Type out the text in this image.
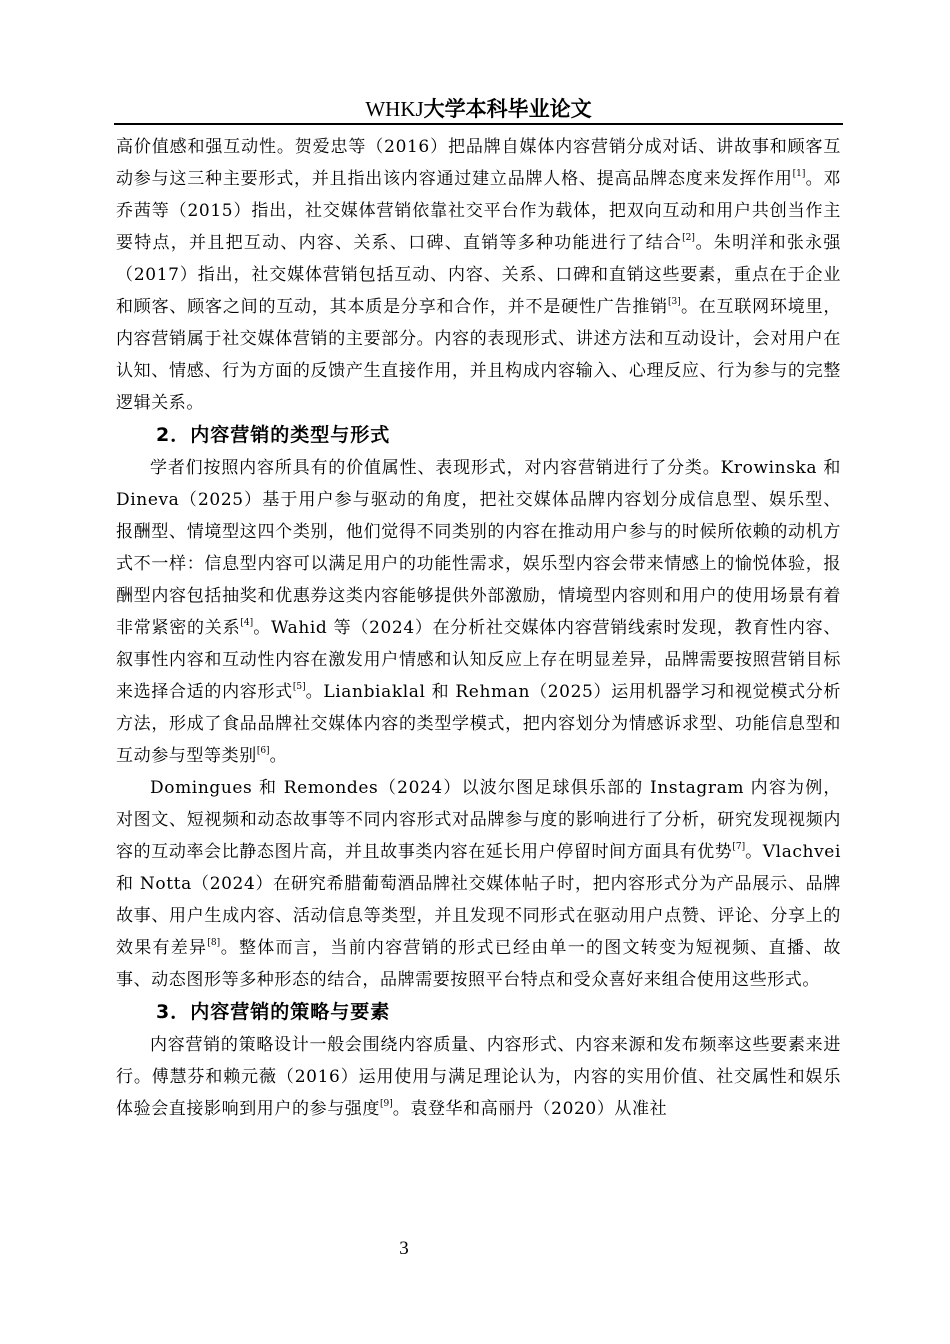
WHKJ大学本科毕业论文

高价值感和强互动性。贺爱忠等（2016）把品牌自媒体内容营销分成对话、讲故事和顾客互动参与这三种主要形式，并且指出该内容通过建立品牌人格、提高品牌态度来发挥作用[1]。邓乔茜等（2015）指出，社交媒体营销依靠社交平台作为载体，把双向互动和用户共创当作主要特点，并且把互动、内容、关系、口碑、直销等多种功能进行了结合[2]。朱明洋和张永强（2017）指出，社交媒体营销包括互动、内容、关系、口碑和直销这些要素，重点在于企业和顾客、顾客之间的互动，其本质是分享和合作，并不是硬性广告推销[3]。在互联网环境里，内容营销属于社交媒体营销的主要部分。内容的表现形式、讲述方法和互动设计，会对用户在认知、情感、行为方面的反馈产生直接作用，并且构成内容输入、心理反应、行为参与的完整逻辑关系。

2．内容营销的类型与形式

学者们按照内容所具有的价值属性、表现形式，对内容营销进行了分类。Krowinska 和 Dineva（2025）基于用户参与驱动的角度，把社交媒体品牌内容划分成信息型、娱乐型、报酬型、情境型这四个类别，他们觉得不同类别的内容在推动用户参与的时候所依赖的动机方式不一样：信息型内容可以满足用户的功能性需求，娱乐型内容会带来情感上的愉悦体验，报酬型内容包括抽奖和优惠券这类内容能够提供外部激励，情境型内容则和用户的使用场景有着非常紧密的关系[4]。Wahid 等（2024）在分析社交媒体内容营销线索时发现，教育性内容、叙事性内容和互动性内容在激发用户情感和认知反应上存在明显差异，品牌需要按照营销目标来选择合适的内容形式[5]。Lianbiaklal 和 Rehman（2025）运用机器学习和视觉模式分析方法，形成了食品品牌社交媒体内容的类型学模式，把内容划分为情感诉求型、功能信息型和互动参与型等类别[6]。

Domingues 和 Remondes（2024）以波尔图足球俱乐部的 Instagram 内容为例，对图文、短视频和动态故事等不同内容形式对品牌参与度的影响进行了分析，研究发现视频内容的互动率会比静态图片高，并且故事类内容在延长用户停留时间方面具有优势[7]。Vlachvei 和 Notta（2024）在研究希腊葡萄酒品牌社交媒体帖子时，把内容形式分为产品展示、品牌故事、用户生成内容、活动信息等类型，并且发现不同形式在驱动用户点赞、评论、分享上的效果有差异[8]。整体而言，当前内容营销的形式已经由单一的图文转变为短视频、直播、故事、动态图形等多种形态的结合，品牌需要按照平台特点和受众喜好来组合使用这些形式。

3．内容营销的策略与要素

内容营销的策略设计一般会围绕内容质量、内容形式、内容来源和发布频率这些要素来进行。傅慧芬和赖元薇（2016）运用使用与满足理论认为，内容的实用价值、社交属性和娱乐体验会直接影响到用户的参与强度[9]。袁登华和高丽丹（2020）从准社

3
